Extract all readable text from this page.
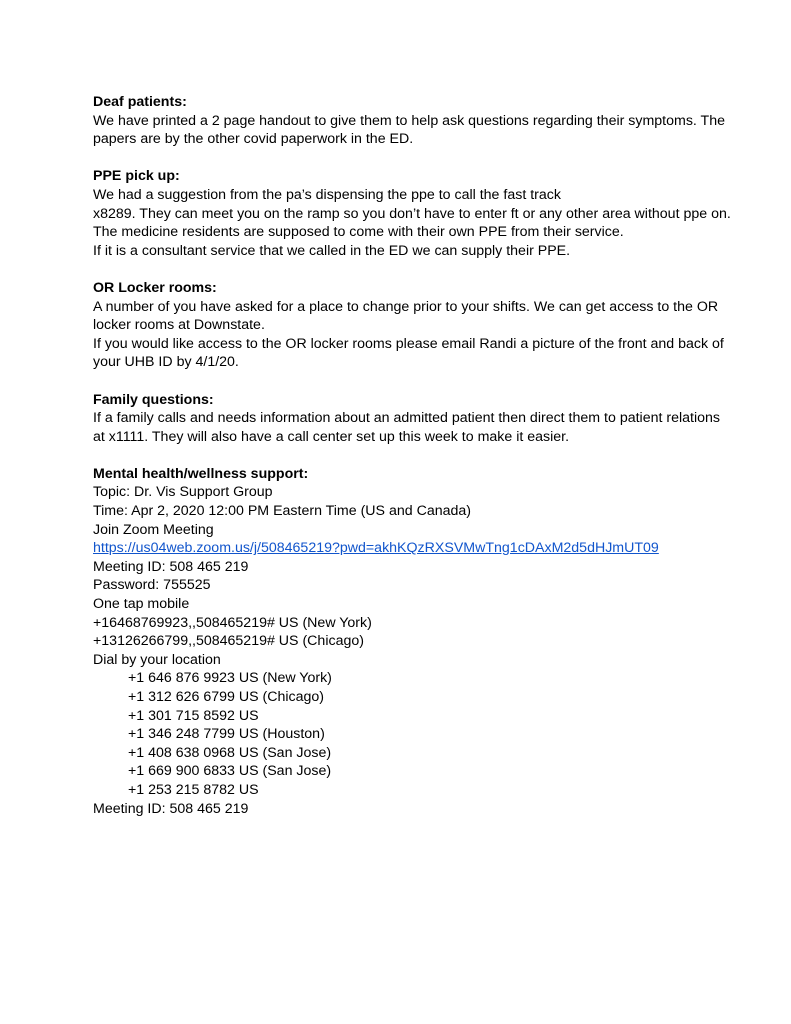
Deaf patients:
We have printed a 2 page handout to give them to help ask questions regarding their symptoms. The papers are by the other covid paperwork in the ED.
PPE pick up:
We had a suggestion from the pa’s dispensing the ppe to call the fast track
x8289. They can meet you on the ramp so you don’t have to enter ft or any other area without ppe on.
The medicine residents are supposed to come with their own PPE from their service.
If it is a consultant service that we called in the ED we can supply their PPE.
OR Locker rooms:
A number of you have asked for a place to change prior to your shifts. We can get access to the OR locker rooms at Downstate.
If you would like access to the OR locker rooms please email Randi a picture of the front and back of your UHB ID by 4/1/20.
Family questions:
If a family calls and needs information about an admitted patient then direct them to patient relations at x1111. They will also have a call center set up this week to make it easier.
Mental health/wellness support:
Topic: Dr. Vis Support Group
Time: Apr 2, 2020 12:00 PM Eastern Time (US and Canada)
Join Zoom Meeting
https://us04web.zoom.us/j/508465219?pwd=akhKQzRXSVMwTng1cDAxM2d5dHJmUT09
Meeting ID: 508 465 219
Password: 755525
One tap mobile
+16468769923,,508465219# US (New York)
+13126266799,,508465219# US (Chicago)
Dial by your location
+1 646 876 9923 US (New York)
+1 312 626 6799 US (Chicago)
+1 301 715 8592 US
+1 346 248 7799 US (Houston)
+1 408 638 0968 US (San Jose)
+1 669 900 6833 US (San Jose)
+1 253 215 8782 US
Meeting ID: 508 465 219
